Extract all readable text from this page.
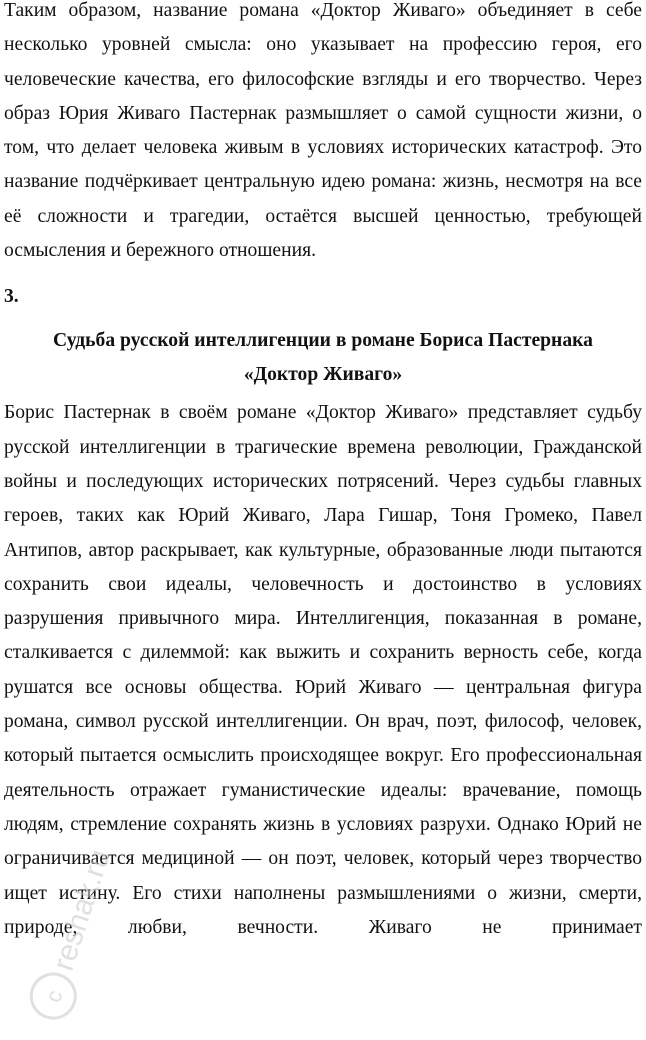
Таким образом, название романа «Доктор Живаго» объединяет в себе несколько уровней смысла: оно указывает на профессию героя, его человеческие качества, его философские взгляды и его творчество. Через образ Юрия Живаго Пастернак размышляет о самой сущности жизни, о том, что делает человека живым в условиях исторических катастроф. Это название подчёркивает центральную идею романа: жизнь, несмотря на все её сложности и трагедии, остаётся высшей ценностью, требующей осмысления и бережного отношения.

3.
Судьба русской интеллигенции в романе Бориса Пастернака
«Доктор Живаго»

Борис Пастернак в своём романе «Доктор Живаго» представляет судьбу русской интеллигенции в трагические времена революции, Гражданской войны и последующих исторических потрясений. Через судьбы главных героев, таких как Юрий Живаго, Лара Гишар, Тоня Громеко, Павел Антипов, автор раскрывает, как культурные, образованные люди пытаются сохранить свои идеалы, человечность и достоинство в условиях разрушения привычного мира. Интеллигенция, показанная в романе, сталкивается с дилеммой: как выжить и сохранить верность себе, когда рушатся все основы общества. Юрий Живаго — центральная фигура романа, символ русской интеллигенции. Он врач, поэт, философ, человек, который пытается осмыслить происходящее вокруг. Его профессиональная деятельность отражает гуманистические идеалы: врачевание, помощь людям, стремление сохранять жизнь в условиях разрухи. Однако Юрий не ограничивается медициной — он поэт, человек, который через творчество ищет истину. Его стихи наполнены размышлениями о жизни, смерти, природе, любви, вечности. Живаго не принимает

c
reshak.ru
